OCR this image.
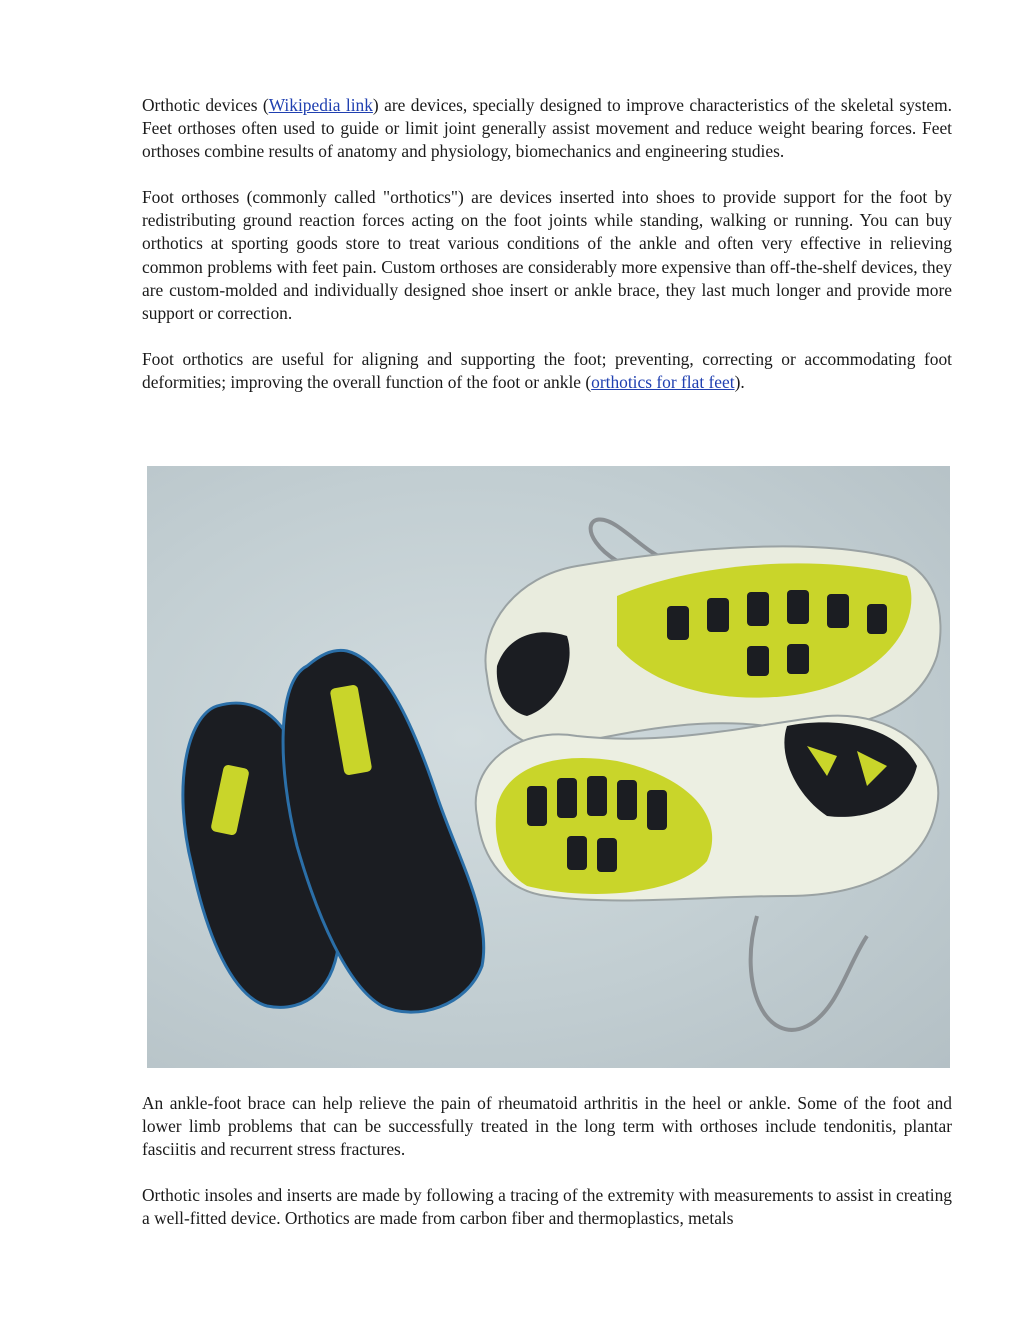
Orthotic devices (Wikipedia link) are devices, specially designed to improve characteristics of the skeletal system. Feet orthoses often used to guide or limit joint generally assist movement and reduce weight bearing forces. Feet orthoses combine results of anatomy and physiology, biomechanics and engineering studies.

Foot orthoses (commonly called "orthotics") are devices inserted into shoes to provide support for the foot by redistributing ground reaction forces acting on the foot joints while standing, walking or running. You can buy orthotics at sporting goods store to treat various conditions of the ankle and often very effective in relieving common problems with feet pain. Custom orthoses are considerably more expensive than off-the-shelf devices, they are custom-molded and individually designed shoe insert or ankle brace, they last much longer and provide more support or correction.

Foot orthotics are useful for aligning and supporting the foot; preventing, correcting or accommodating foot deformities; improving the overall function of the foot or ankle (orthotics for flat feet).

An ankle-foot brace can help relieve the pain of rheumatoid arthritis in the heel or ankle. Some of the foot and lower limb problems that can be successfully treated in the long term with orthoses include tendonitis, plantar fasciitis and recurrent stress fractures.

Orthotic insoles and inserts are made by following a tracing of the extremity with measurements to assist in creating a well-fitted device. Orthotics are made from carbon fiber and thermoplastics, metals
